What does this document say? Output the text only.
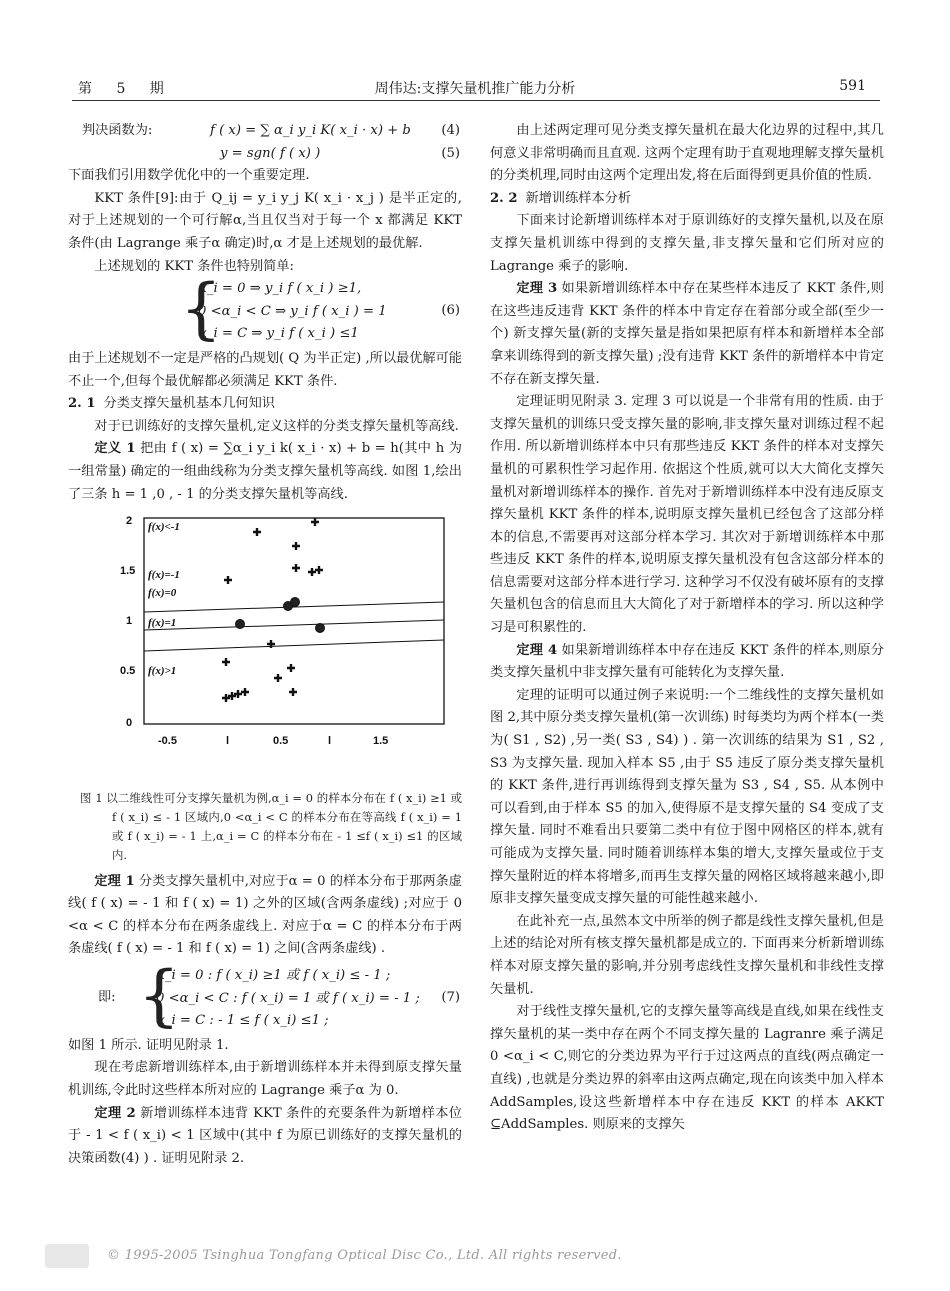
第 5 期	周伟达:支撑矢量机推广能力分析	591
判决函数为:	f ( x) = ∑ α_i y_i K( x_i · x) + b (4)
y = sgn( f ( x) )	(5)

下面我们引用数学优化中的一个重要定理.

KKT 条件[9]:由于 Q_ij = y_i y_j K( x_i · x_j ) 是半正定的,对于上述规划的一个可行解α,当且仅当对于每一个 x 都满足 KKT 条件(由 Lagrange 乘子α 确定)时,α 才是上述规划的最优解.

上述规划的 KKT 条件也特别简单:

{
α_i = 0 ⇒ y_i f ( x_i ) ≥1,
0 <α_i < C ⇒ y_i f ( x_i ) = 1
α_i = C ⇒ y_i f ( x_i ) ≤1
(6)

由于上述规划不一定是严格的凸规划( Q 为半正定) ,所以最优解可能不止一个,但每个最优解都必须满足 KKT 条件.

2. 1 分类支撑矢量机基本几何知识

对于已训练好的支撑矢量机,定义这样的分类支撑矢量机等高线.

定义 1 把由 f ( x) = ∑α_i y_i k( x_i · x) + b = h(其中 h 为一组常量) 确定的一组曲线称为分类支撑矢量机等高线. 如图 1,绘出了三条 h = 1 ,0 , - 1 的分类支撑矢量机等高线.

2
1.5
1
0.5
0
-0.5	l	0.5	l	1.5
f(x)<-1
f(x)=-1
f(x)=0
f(x)=1
f(x)>1

图 1 以二维线性可分支撑矢量机为例,α_i = 0 的样本分布在 f ( x_i) ≥1 或 f ( x_i) ≤ - 1 区域内,0 <α_i < C 的样本分布在等高线 f ( x_i) = 1 或 f ( x_i) = - 1 上,α_i = C 的样本分布在 - 1 ≤f ( x_i) ≤1 的区域内.

定理 1 分类支撑矢量机中,对应于α = 0 的样本分布于那两条虚线( f ( x) = - 1 和 f ( x) = 1) 之外的区域(含两条虚线) ;对应于 0 <α < C 的样本分布在两条虚线上. 对应于α = C 的样本分布于两条虚线( f ( x) = - 1 和 f ( x) = 1) 之间(含两条虚线) .

即: {
α_i = 0 : f ( x_i) ≥1 或 f ( x_i) ≤ - 1 ;
0 <α_i < C : f ( x_i) = 1 或 f ( x_i) = - 1 ;
α_i = C : - 1 ≤ f ( x_i) ≤1 ;
(7)

如图 1 所示. 证明见附录 1.

现在考虑新增训练样本,由于新增训练样本并未得到原支撑矢量机训练,令此时这些样本所对应的 Lagrange 乘子α 为 0.

定理 2 新增训练样本违背 KKT 条件的充要条件为新增样本位于 - 1 < f ( x_i) < 1 区域中(其中 f 为原已训练好的支撑矢量机的决策函数(4) ) . 证明见附录 2.

由上述两定理可见分类支撑矢量机在最大化边界的过程中,其几何意义非常明确而且直观. 这两个定理有助于直观地理解支撑矢量机的分类机理,同时由这两个定理出发,将在后面得到更具价值的性质.

2. 2 新增训练样本分析

下面来讨论新增训练样本对于原训练好的支撑矢量机,以及在原支撑矢量机训练中得到的支撑矢量,非支撑矢量和它们所对应的 Lagrange 乘子的影响.

定理 3 如果新增训练样本中存在某些样本违反了 KKT 条件,则在这些违反违背 KKT 条件的样本中肯定存在着部分或全部(至少一个) 新支撑矢量(新的支撑矢量是指如果把原有样本和新增样本全部拿来训练得到的新支撑矢量) ;没有违背 KKT 条件的新增样本中肯定不存在新支撑矢量.

定理证明见附录 3. 定理 3 可以说是一个非常有用的性质. 由于支撑矢量机的训练只受支撑矢量的影响,非支撑矢量对训练过程不起作用. 所以新增训练样本中只有那些违反 KKT 条件的样本对支撑矢量机的可累积性学习起作用. 依据这个性质,就可以大大简化支撑矢量机对新增训练样本的操作. 首先对于新增训练样本中没有违反原支撑矢量机 KKT 条件的样本,说明原支撑矢量机已经包含了这部分样本的信息,不需要再对这部分样本学习. 其次对于新增训练样本中那些违反 KKT 条件的样本,说明原支撑矢量机没有包含这部分样本的信息需要对这部分样本进行学习. 这种学习不仅没有破坏原有的支撑矢量机包含的信息而且大大简化了对于新增样本的学习. 所以这种学习是可积累性的.

定理 4 如果新增训练样本中存在违反 KKT 条件的样本,则原分类支撑矢量机中非支撑矢量有可能转化为支撑矢量.

定理的证明可以通过例子来说明:一个二维线性的支撑矢量机如图 2,其中原分类支撑矢量机(第一次训练) 时每类均为两个样本(一类为( S1 , S2) ,另一类( S3 , S4) ) . 第一次训练的结果为 S1 , S2 , S3 为支撑矢量. 现加入样本 S5 ,由于 S5 违反了原分类支撑矢量机的 KKT 条件,进行再训练得到支撑矢量为 S3 , S4 , S5. 从本例中可以看到,由于样本 S5 的加入,使得原不是支撑矢量的 S4 变成了支撑矢量. 同时不难看出只要第二类中有位于图中网格区的样本,就有可能成为支撑矢量. 同时随着训练样本集的增大,支撑矢量或位于支撑矢量附近的样本将增多,而再生支撑矢量的网格区域将越来越小,即原非支撑矢量变成支撑矢量的可能性越来越小.

在此补充一点,虽然本文中所举的例子都是线性支撑矢量机,但是上述的结论对所有核支撑矢量机都是成立的. 下面再来分析新增训练样本对原支撑矢量的影响,并分别考虑线性支撑矢量机和非线性支撑矢量机.

对于线性支撑矢量机,它的支撑矢量等高线是直线,如果在线性支撑矢量机的某一类中存在两个不同支撑矢量的 Lagranre 乘子满足 0 <α_i < C,则它的分类边界为平行于过这两点的直线(两点确定一直线) ,也就是分类边界的斜率由这两点确定,现在向该类中加入样本 AddSamples,设这些新增样本中存在违反 KKT 的样本 AKKT ⊆AddSamples. 则原来的支撑矢

© 1995-2005 Tsinghua Tongfang Optical Disc Co., Ltd. All rights reserved.
